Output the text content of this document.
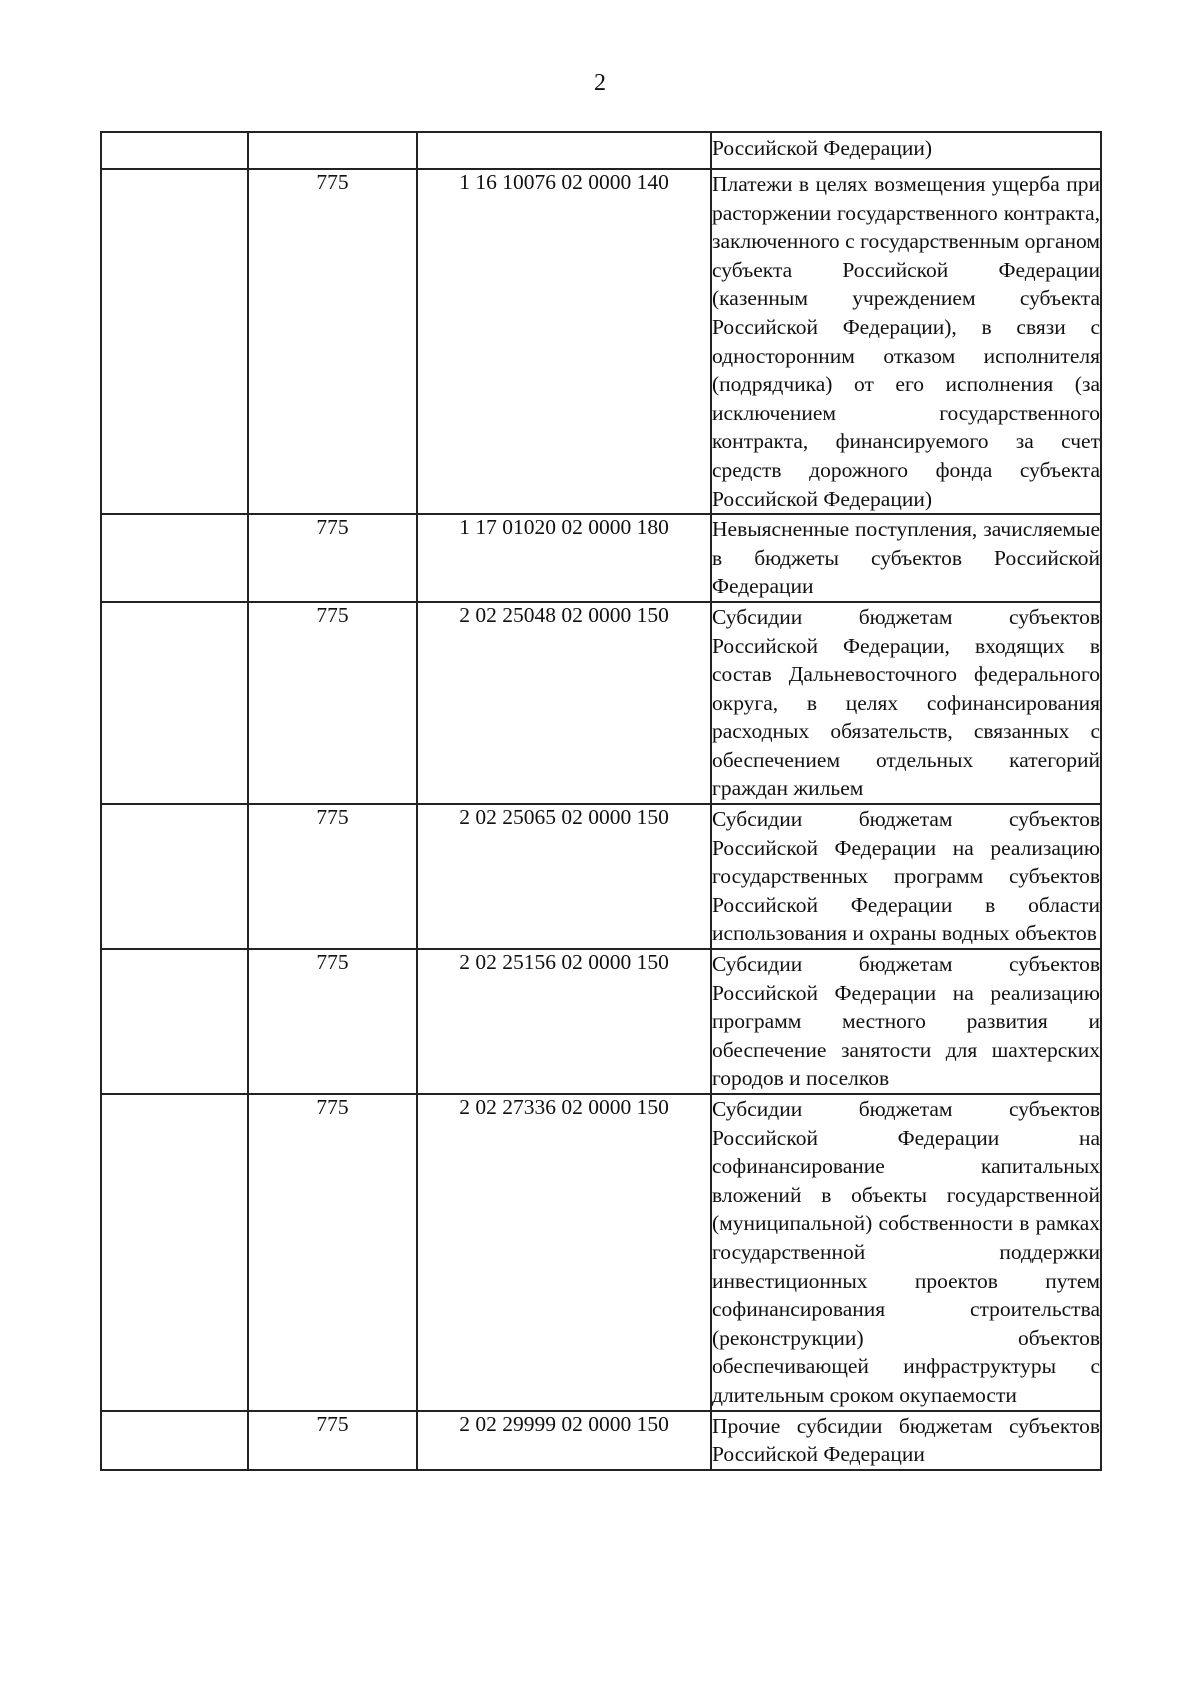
2
			Российской Федерации)
	775	1 16 10076 02 0000 140	Платежи в целях возмещения ущерба при расторжении государственного контракта, заключенного с государственным органом субъекта Российской Федерации (казенным учреждением субъекта Российской Федерации), в связи с односторонним отказом исполнителя (подрядчика) от его исполнения (за исключением государственного контракта, финансируемого за счет средств дорожного фонда субъекта Российской Федерации)
	775	1 17 01020 02 0000 180	Невыясненные поступления, зачисляемые в бюджеты субъектов Российской Федерации
	775	2 02 25048 02 0000 150	Субсидии бюджетам субъектов Российской Федерации, входящих в состав Дальневосточного федерального округа, в целях софинансирования расходных обязательств, связанных с обеспечением отдельных категорий граждан жильем
	775	2 02 25065 02 0000 150	Субсидии бюджетам субъектов Российской Федерации на реализацию государственных программ субъектов Российской Федерации в области использования и охраны водных объектов
	775	2 02 25156 02 0000 150	Субсидии бюджетам субъектов Российской Федерации на реализацию программ местного развития и обеспечение занятости для шахтерских городов и поселков
	775	2 02 27336 02 0000 150	Субсидии бюджетам субъектов Российской Федерации на софинансирование капитальных вложений в объекты государственной (муниципальной) собственности в рамках государственной поддержки инвестиционных проектов путем софинансирования строительства (реконструкции) объектов обеспечивающей инфраструктуры с длительным сроком окупаемости
	775	2 02 29999 02 0000 150	Прочие субсидии бюджетам субъектов Российской Федерации
